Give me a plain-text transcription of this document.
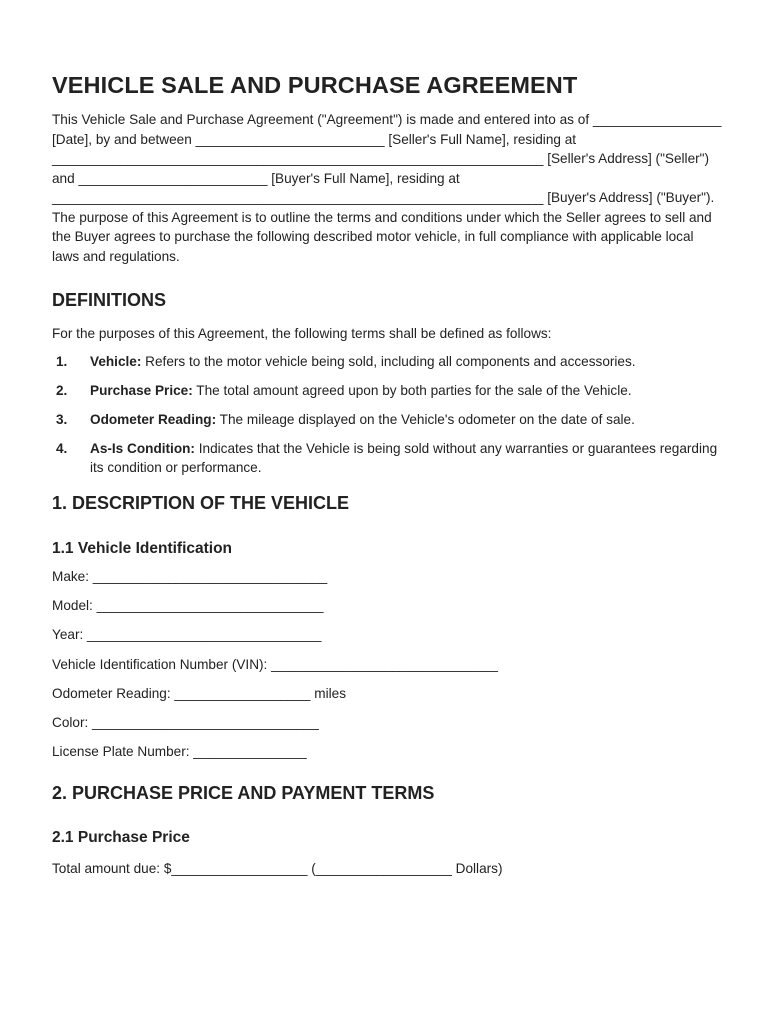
VEHICLE SALE AND PURCHASE AGREEMENT

This Vehicle Sale and Purchase Agreement ("Agreement") is made and entered into as of _________________ [Date], by and between _________________________ [Seller's Full Name], residing at _________________________________________________________________ [Seller's Address] ("Seller") and _________________________ [Buyer's Full Name], residing at _________________________________________________________________ [Buyer's Address] ("Buyer"). The purpose of this Agreement is to outline the terms and conditions under which the Seller agrees to sell and the Buyer agrees to purchase the following described motor vehicle, in full compliance with applicable local laws and regulations.

DEFINITIONS

For the purposes of this Agreement, the following terms shall be defined as follows:

1.	Vehicle: Refers to the motor vehicle being sold, including all components and accessories.
2.	Purchase Price: The total amount agreed upon by both parties for the sale of the Vehicle.
3.	Odometer Reading: The mileage displayed on the Vehicle's odometer on the date of sale.
4.	As-Is Condition: Indicates that the Vehicle is being sold without any warranties or guarantees regarding its condition or performance.
1. DESCRIPTION OF THE VEHICLE
1.1 Vehicle Identification
Make: _______________________________
Model: ______________________________
Year: _______________________________
Vehicle Identification Number (VIN): ______________________________
Odometer Reading: __________________ miles
Color: ______________________________
License Plate Number: _______________
2. PURCHASE PRICE AND PAYMENT TERMS
2.1 Purchase Price

Total amount due: $__________________ (__________________ Dollars)
